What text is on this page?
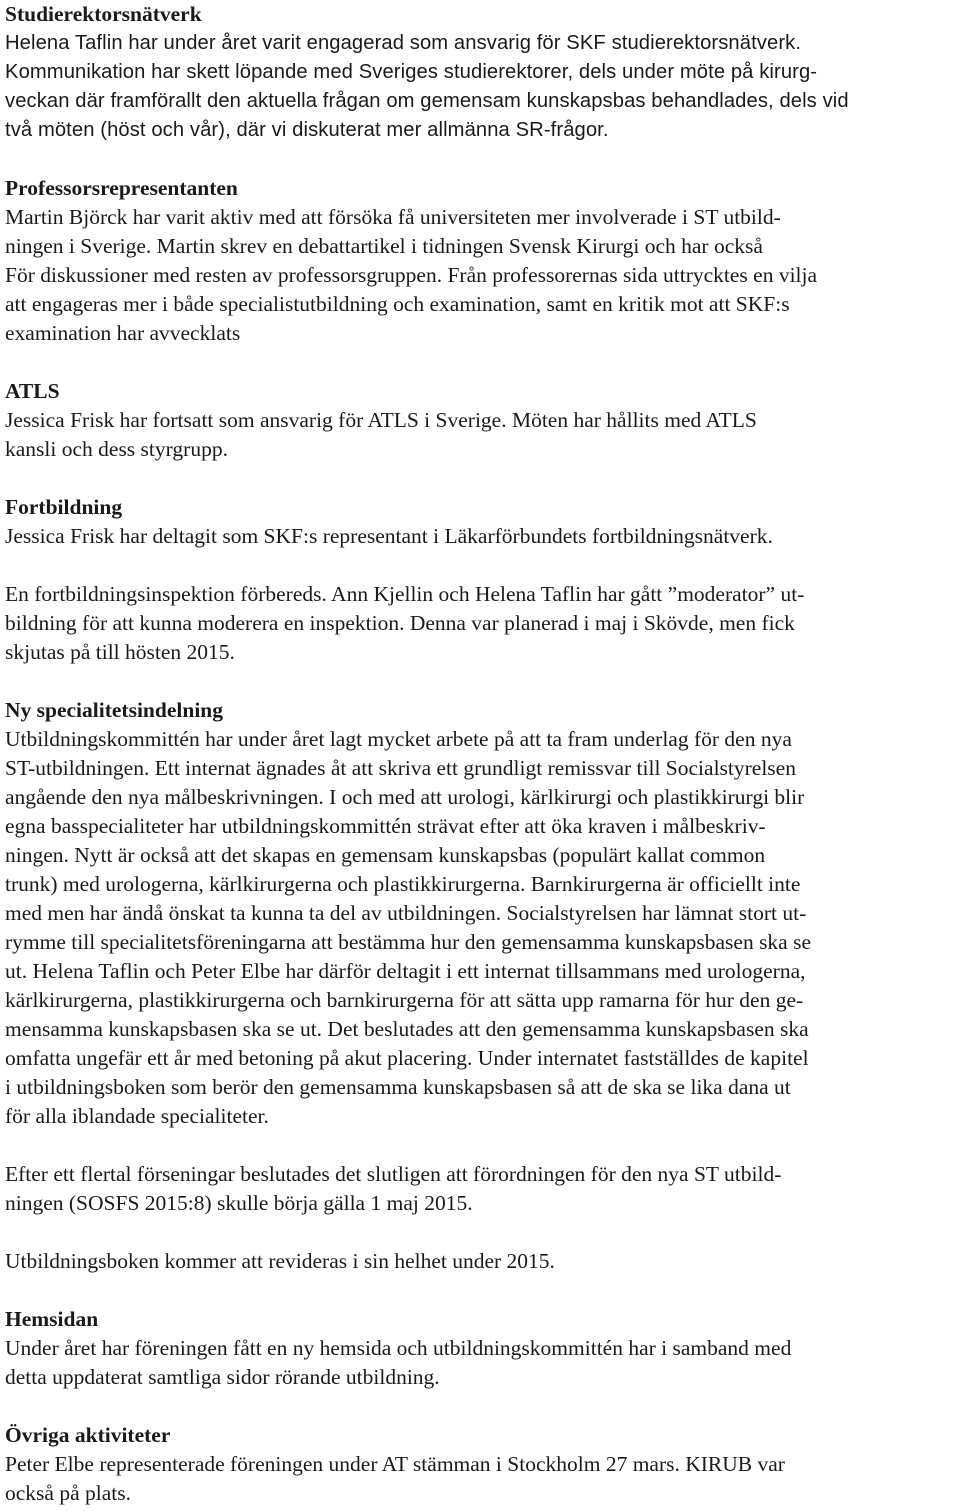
Studierektorsnätverk
Helena Taflin har under året varit engagerad som ansvarig för SKF studierektorsnätverk.
Kommunikation har skett löpande med Sveriges studierektorer, dels under möte på kirurg-
veckan där framförallt den aktuella frågan om gemensam kunskapsbas behandlades, dels vid
två möten (höst och vår), där vi diskuterat mer allmänna SR-frågor.
Professorsrepresentanten
Martin Björck har varit aktiv med att försöka få universiteten mer involverade i ST utbild-
ningen i Sverige. Martin skrev en debattartikel i tidningen Svensk Kirurgi och har också
För diskussioner med resten av professorsgruppen. Från professorernas sida uttrycktes en vilja
att engageras mer i både specialistutbildning och examination, samt en kritik mot att SKF:s
examination har avvecklats
ATLS
Jessica Frisk har fortsatt som ansvarig för ATLS i Sverige. Möten har hållits med ATLS
kansli och dess styrgrupp.
Fortbildning
Jessica Frisk har deltagit som SKF:s representant i Läkarförbundets fortbildningsnätverk.
En fortbildningsinspektion förbereds. Ann Kjellin och Helena Taflin har gått ”moderator” ut-
bildning för att kunna moderera en inspektion. Denna var planerad i maj i Skövde, men fick
skjutas på till hösten 2015.
Ny specialitetsindelning
Utbildningskommittén har under året lagt mycket arbete på att ta fram underlag för den nya
ST-utbildningen. Ett internat ägnades åt att skriva ett grundligt remissvar till Socialstyrelsen
angående den nya målbeskrivningen. I och med att urologi, kärlkirurgi och plastikkirurgi blir
egna basspecialiteter har utbildningskommittén strävat efter att öka kraven i målbeskriv-
ningen. Nytt är också att det skapas en gemensam kunskapsbas (populärt kallat common
trunk) med urologerna, kärlkirurgerna och plastikkirurgerna. Barnkirurgerna är officiellt inte
med men har ändå önskat ta kunna ta del av utbildningen. Socialstyrelsen har lämnat stort ut-
rymme till specialitetsföreningarna att bestämma hur den gemensamma kunskapsbasen ska se
ut. Helena Taflin och Peter Elbe har därför deltagit i ett internat tillsammans med urologerna,
kärlkirurgerna, plastikkirurgerna och barnkirurgerna för att sätta upp ramarna för hur den ge-
mensamma kunskapsbasen ska se ut. Det beslutades att den gemensamma kunskapsbasen ska
omfatta ungefär ett år med betoning på akut placering. Under internatet fastställdes de kapitel
i utbildningsboken som berör den gemensamma kunskapsbasen så att de ska se lika dana ut
för alla iblandade specialiteter.
Efter ett flertal förseningar beslutades det slutligen att förordningen för den nya ST utbild-
ningen (SOSFS 2015:8) skulle börja gälla 1 maj 2015.
Utbildningsboken kommer att revideras i sin helhet under 2015.
Hemsidan
Under året har föreningen fått en ny hemsida och utbildningskommittén har i samband med
detta uppdaterat samtliga sidor rörande utbildning.
Övriga aktiviteter
Peter Elbe representerade föreningen under AT stämman i Stockholm 27 mars. KIRUB var
också på plats.
